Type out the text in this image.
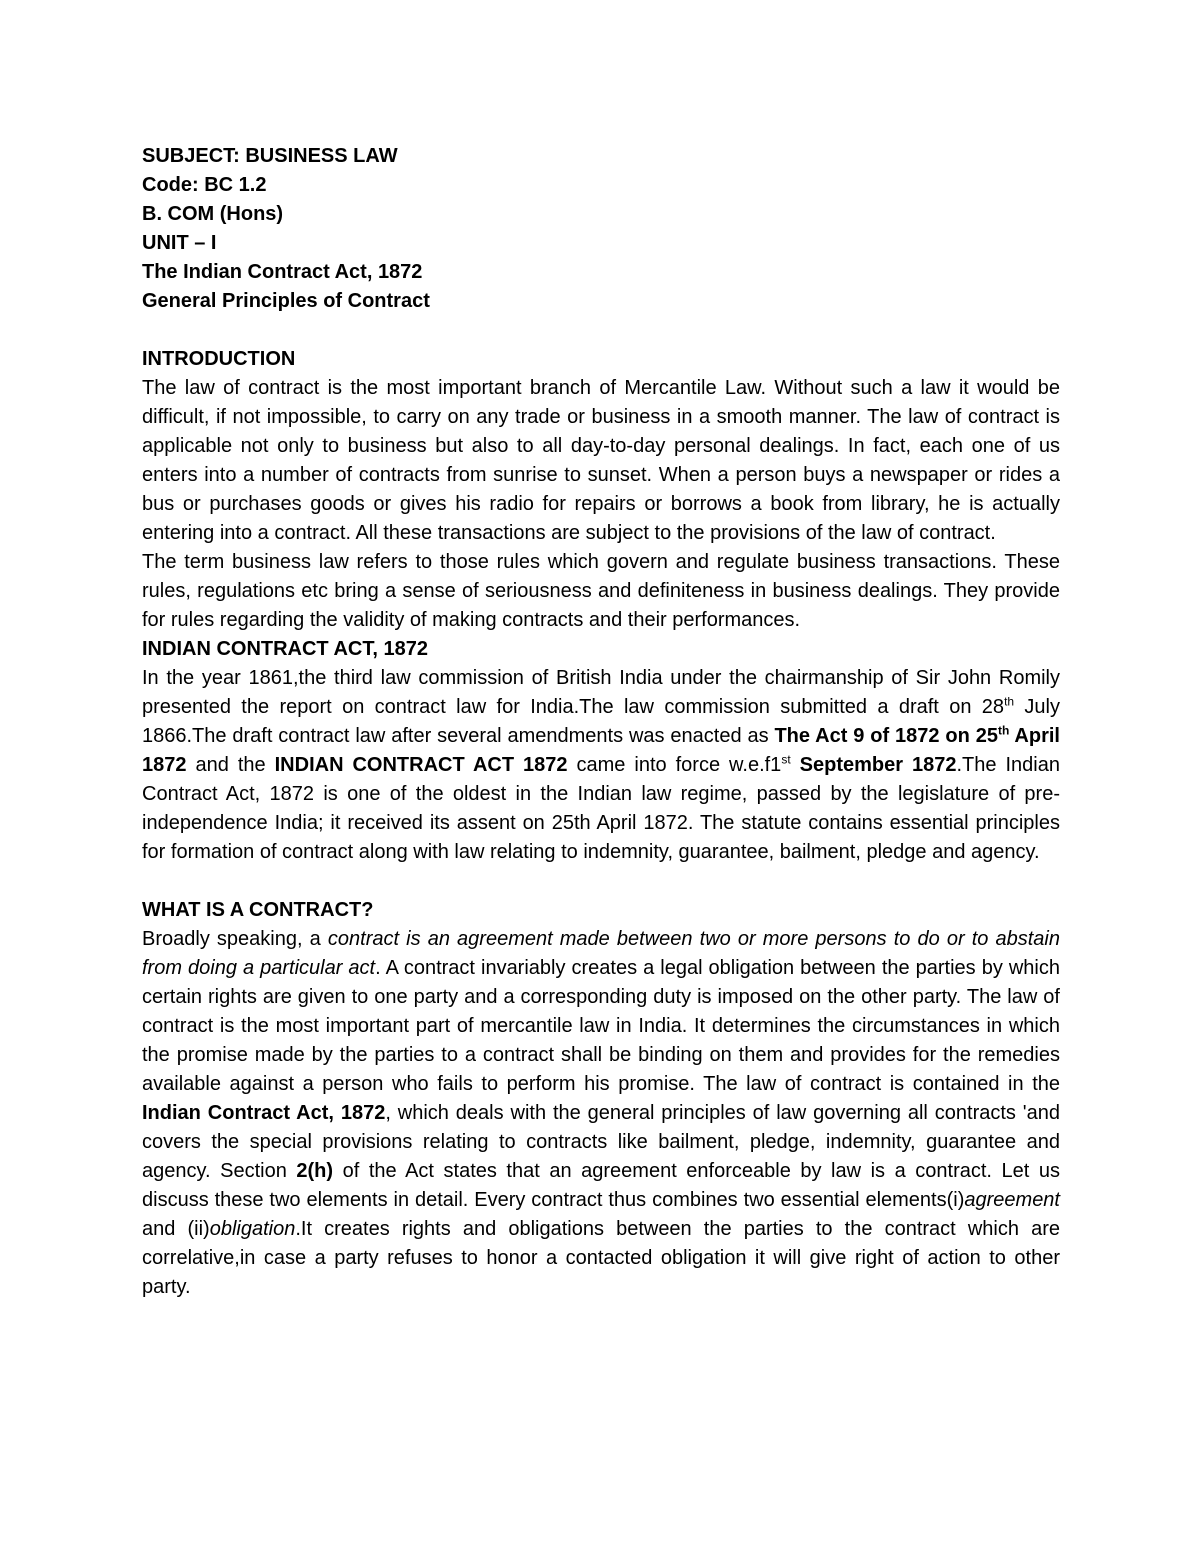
SUBJECT: BUSINESS LAW

Code: BC 1.2

B. COM (Hons)

UNIT – I

The Indian Contract Act, 1872

General Principles of Contract

INTRODUCTION

The law of contract is the most important branch of Mercantile Law. Without such a law it would be difficult, if not impossible, to carry on any trade or business in a smooth manner. The law of contract is applicable not only to business but also to all day-to-day personal dealings. In fact, each one of us enters into a number of contracts from sunrise to sunset. When a person buys a newspaper or rides a bus or purchases goods or gives his radio for repairs or borrows a book from library, he is actually entering into a contract. All these transactions are subject to the provisions of the law of contract.

The term business law refers to those rules which govern and regulate business transactions. These rules, regulations etc bring a sense of seriousness and definiteness in business dealings. They provide for rules regarding the validity of making contracts and their performances.

INDIAN CONTRACT ACT, 1872

In the year 1861,the third law commission of British India under the chairmanship of Sir John Romily presented the report on contract law for India.The law commission submitted a draft on 28th July 1866.The draft contract law after several amendments was enacted as The Act 9 of 1872 on 25th April 1872 and the INDIAN CONTRACT ACT 1872 came into force w.e.f1st September 1872.The Indian Contract Act, 1872 is one of the oldest in the Indian law regime, passed by the legislature of pre-independence India; it received its assent on 25th April 1872. The statute contains essential principles for formation of contract along with law relating to indemnity, guarantee, bailment, pledge and agency.

WHAT IS A CONTRACT?

Broadly speaking, a contract is an agreement made between two or more persons to do or to abstain from doing a particular act. A contract invariably creates a legal obligation between the parties by which certain rights are given to one party and a corresponding duty is imposed on the other party. The law of contract is the most important part of mercantile law in India. It determines the circumstances in which the promise made by the parties to a contract shall be binding on them and provides for the remedies available against a person who fails to perform his promise. The law of contract is contained in the Indian Contract Act, 1872, which deals with the general principles of law governing all contracts 'and covers the special provisions relating to contracts like bailment, pledge, indemnity, guarantee and agency. Section 2(h) of the Act states that an agreement enforceable by law is a contract. Let us discuss these two elements in detail. Every contract thus combines two essential elements(i)agreement and (ii)obligation.It creates rights and obligations between the parties to the contract which are correlative,in case a party refuses to honor a contacted obligation it will give right of action to other party.
